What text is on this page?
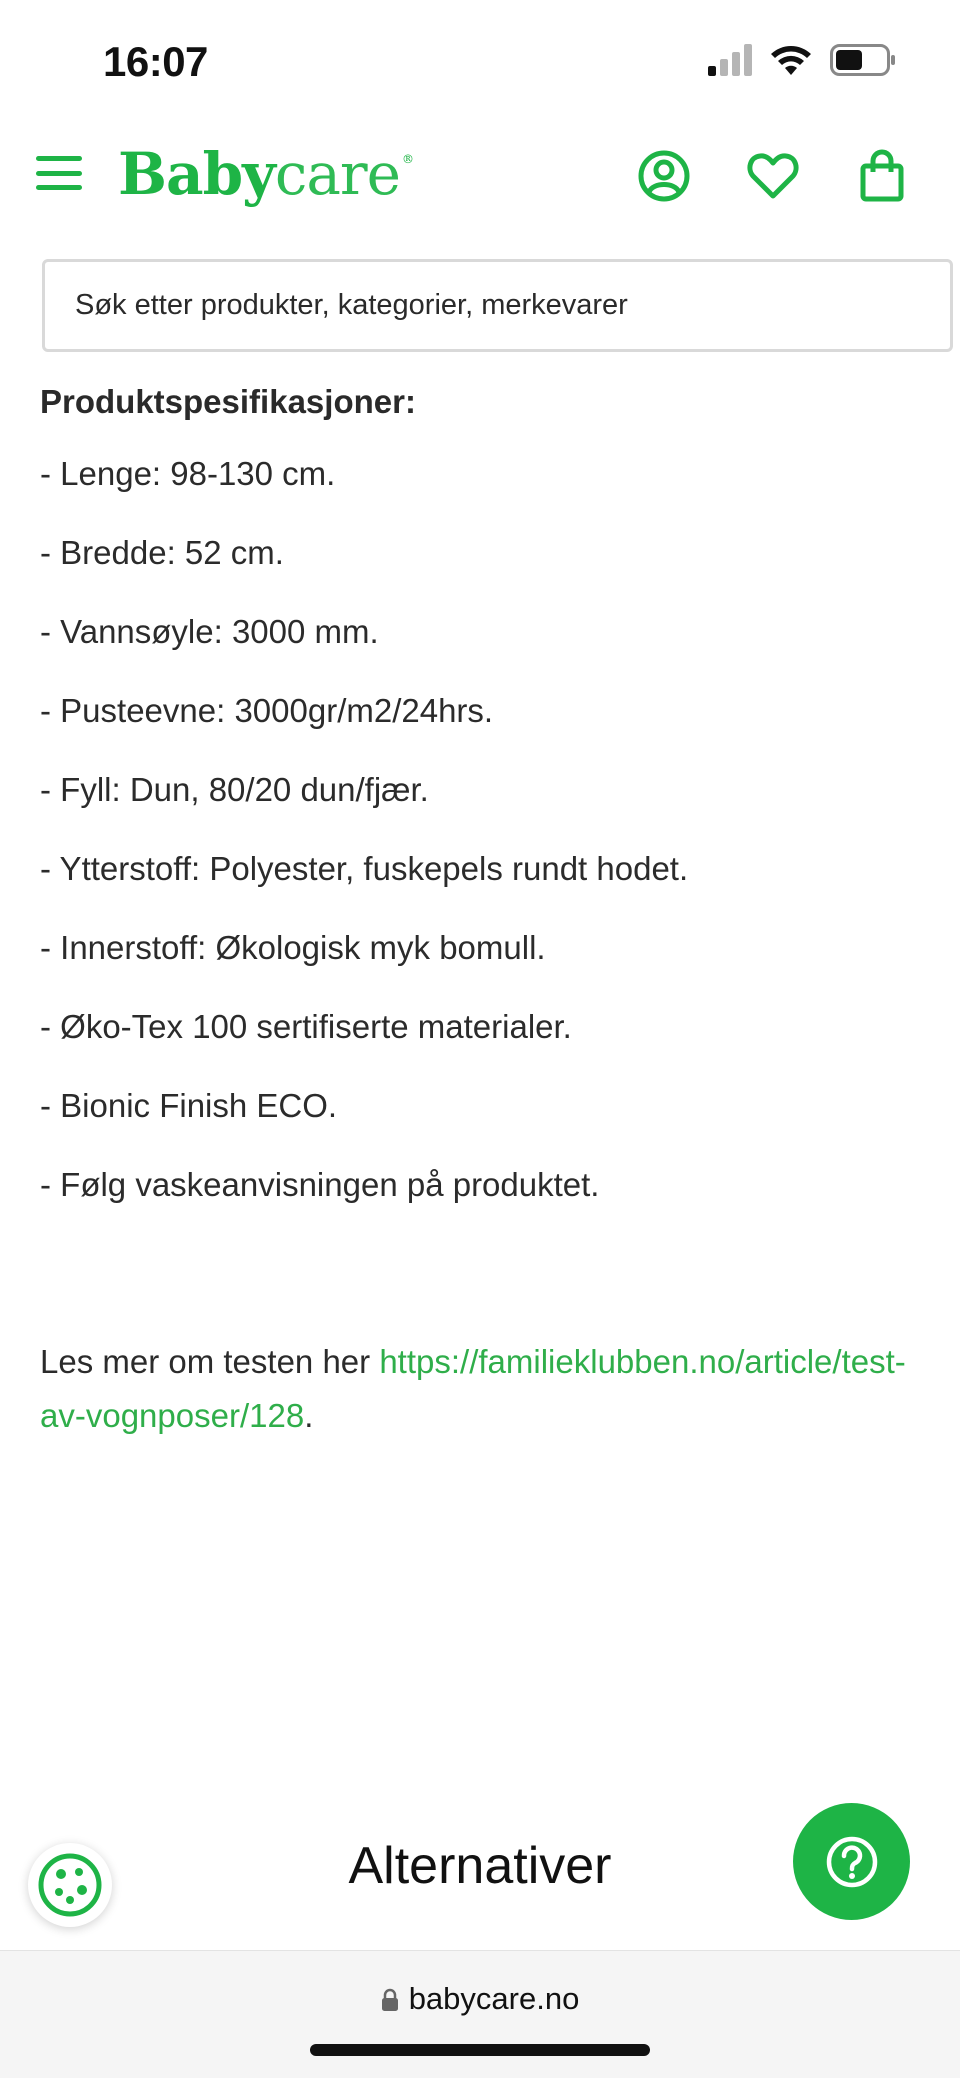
16:07
Baby care ®
Søk etter produkter, kategorier, merkevarer
Produktspesifikasjoner:
- Lenge: 98-130 cm.
- Bredde: 52 cm.
- Vannsøyle: 3000 mm.
- Pusteevne: 3000gr/m2/24hrs.
- Fyll: Dun, 80/20 dun/fjær.
- Ytterstoff: Polyester, fuskepels rundt hodet.
- Innerstoff: Økologisk myk bomull.
- Øko-Tex 100 sertifiserte materialer.
- Bionic Finish ECO.
- Følg vaskeanvisningen på produktet.

Les mer om testen her https://familieklubben.no/article/test-av-vognposer/128.

Alternativer
babycare.no
